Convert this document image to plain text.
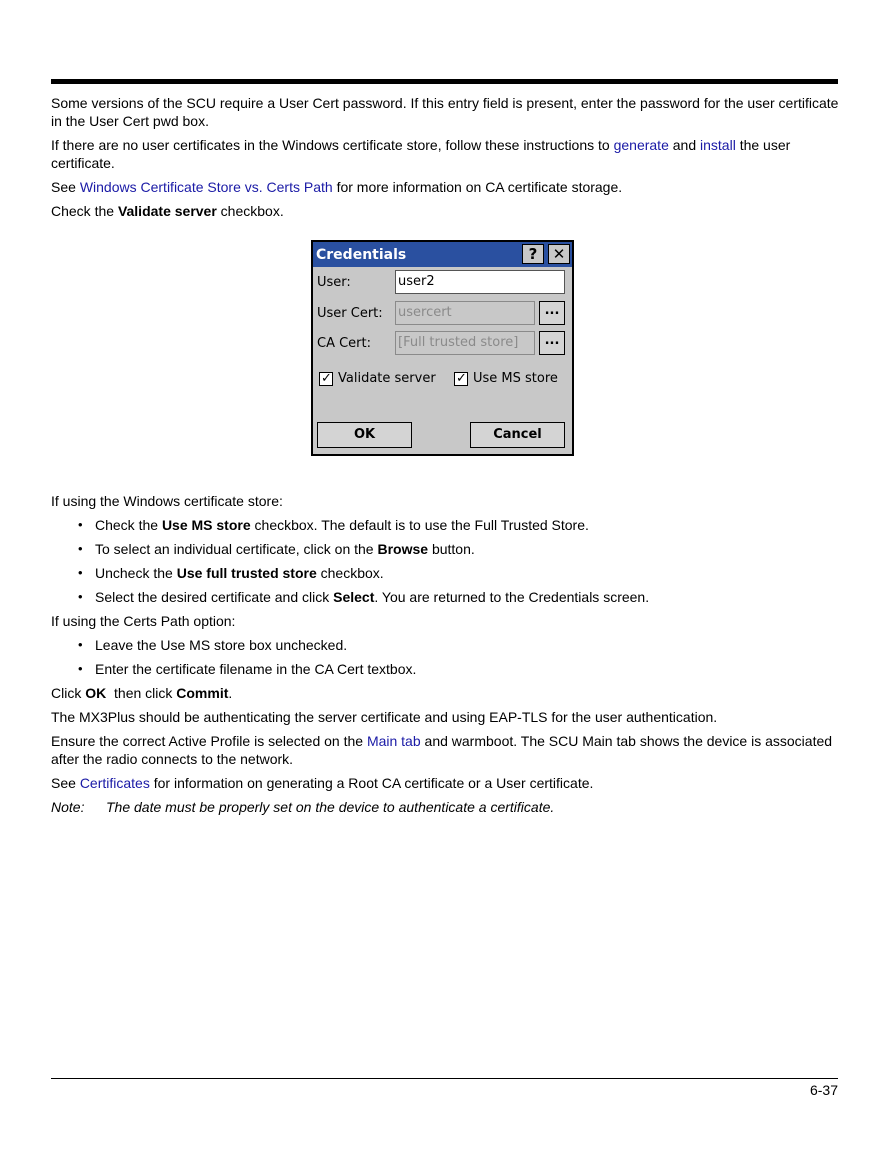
Some versions of the SCU require a User Cert password. If this entry field is present, enter the password for the user certificate in the User Cert pwd box.

If there are no user certificates in the Windows certificate store, follow these instructions to generate and install the user certificate.

See Windows Certificate Store vs. Certs Path for more information on CA certificate storage.

Check the Validate server checkbox.

Credentials	?	✕
User:	user2
User Cert: usercert	...
CA Cert: [Full trusted store]	...
✓
Validate server
✓	Use MS store
OK	Cancel

If using the Windows certificate store:

• Check the Use MS store checkbox. The default is to use the Full Trusted Store.
• To select an individual certificate, click on the Browse button.
• Uncheck the Use full trusted store checkbox.
• Select the desired certificate and click Select. You are returned to the Credentials screen.

If using the Certs Path option:

• Leave the Use MS store box unchecked.
• Enter the certificate filename in the CA Cert textbox.

Click OK  then click Commit.

The MX3Plus should be authenticating the server certificate and using EAP-TLS for the user authentication.

Ensure the correct Active Profile is selected on the Main tab and warmboot. The SCU Main tab shows the device is associated after the radio connects to the network.

See Certificates for information on generating a Root CA certificate or a User certificate.

Note: The date must be properly set on the device to authenticate a certificate.

6-37
